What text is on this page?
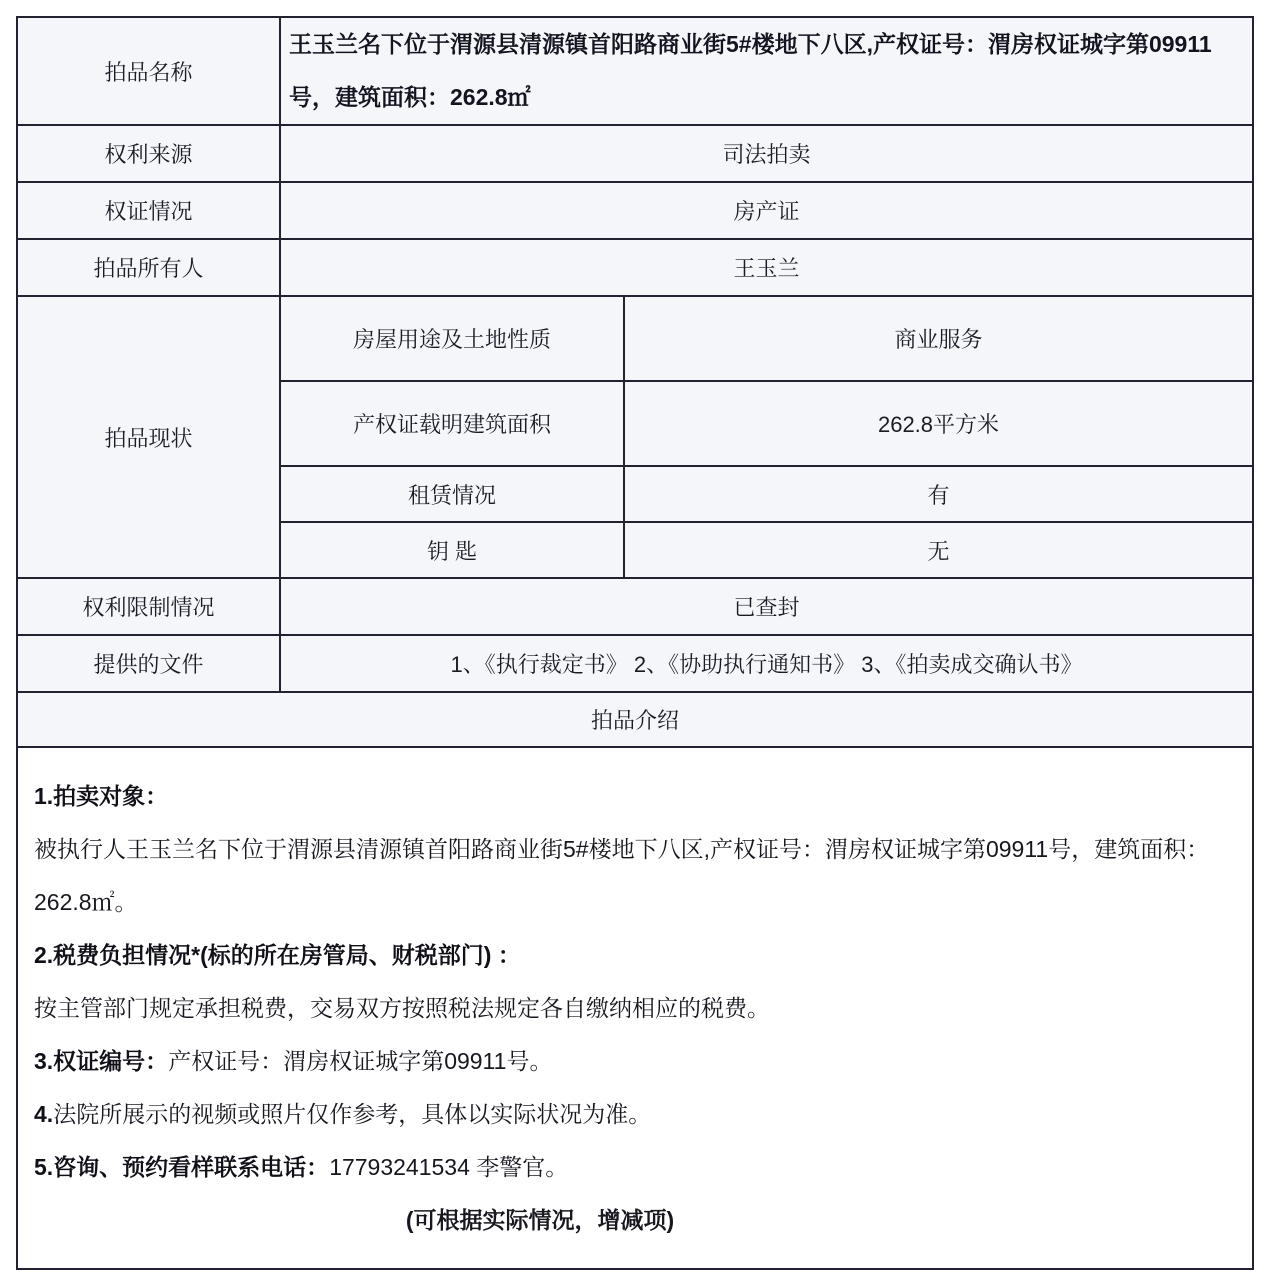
拍品名称	王玉兰名下位于渭源县清源镇首阳路商业街5#楼地下八区,产权证号：渭房权证城字第09911号，建筑面积：262.8㎡	
权利来源	司法拍卖	
权证情况	房产证	
拍品所有人	王玉兰	
拍品现状	房屋用途及土地性质	商业服务
	产权证载明建筑面积	262.8平方米
	租赁情况	有
	钥 匙	无
权利限制情况	已查封	
提供的文件	1、《执行裁定书》 2、《协助执行通知书》 3、《拍卖成交确认书》	
拍品介绍		

1.拍卖对象：

被执行人王玉兰名下位于渭源县清源镇首阳路商业街5#楼地下八区,产权证号：渭房权证城字第09911号，建筑面积：262.8㎡。

2.税费负担情况*(标的所在房管局、财税部门) ：

按主管部门规定承担税费，交易双方按照税法规定各自缴纳相应的税费。

3.权证编号：产权证号：渭房权证城字第09911号。

4.法院所展示的视频或照片仅作参考，具体以实际状况为准。

5.咨询、预约看样联系电话：17793241534 李警官。

(可根据实际情况，增减项)
